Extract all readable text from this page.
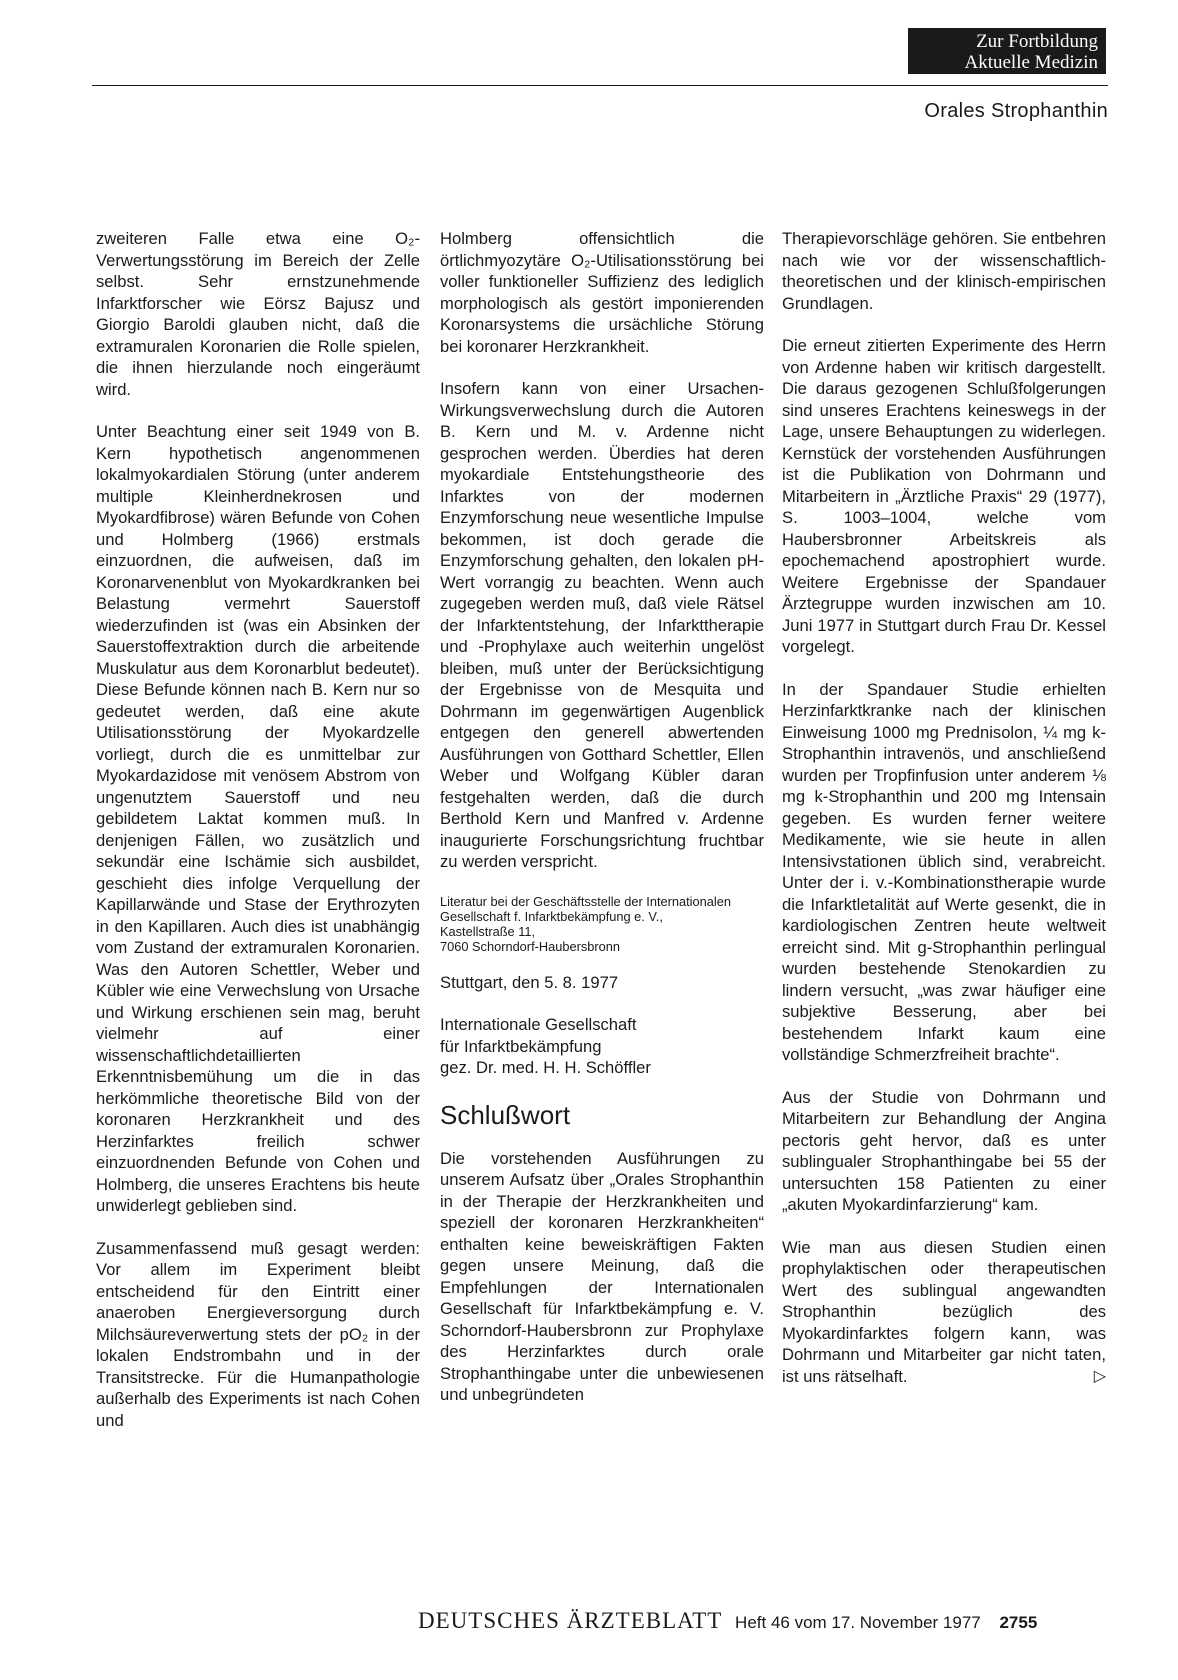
Zur Fortbildung
Aktuelle Medizin
Orales Strophanthin

zweiteren Falle etwa eine O₂-Verwertungsstörung im Bereich der Zelle selbst. Sehr ernstzunehmende Infarktforscher wie Eörsz Bajusz und Giorgio Baroldi glauben nicht, daß die extramuralen Koronarien die Rolle spielen, die ihnen hierzulande noch eingeräumt wird.

Unter Beachtung einer seit 1949 von B. Kern hypothetisch angenommenen lokalmyokardialen Störung (unter anderem multiple Kleinherdnekrosen und Myokardfibrose) wären Befunde von Cohen und Holmberg (1966) erstmals einzuordnen, die aufweisen, daß im Koronarvenenblut von Myokardkranken bei Belastung vermehrt Sauerstoff wiederzufinden ist (was ein Absinken der Sauerstoffextraktion durch die arbeitende Muskulatur aus dem Koronarblut bedeutet). Diese Befunde können nach B. Kern nur so gedeutet werden, daß eine akute Utilisationsstörung der Myokardzelle vorliegt, durch die es unmittelbar zur Myokardazidose mit venösem Abstrom von ungenutztem Sauerstoff und neu gebildetem Laktat kommen muß. In denjenigen Fällen, wo zusätzlich und sekundär eine Ischämie sich ausbildet, geschieht dies infolge Verquellung der Kapillarwände und Stase der Erythrozyten in den Kapillaren. Auch dies ist unabhängig vom Zustand der extramuralen Koronarien. Was den Autoren Schettler, Weber und Kübler wie eine Verwechslung von Ursache und Wirkung erschienen sein mag, beruht vielmehr auf einer wissenschaftlichdetaillierten Erkenntnisbemühung um die in das herkömmliche theoretische Bild von der koronaren Herzkrankheit und des Herzinfarktes freilich schwer einzuordnenden Befunde von Cohen und Holmberg, die unseres Erachtens bis heute unwiderlegt geblieben sind.

Zusammenfassend muß gesagt werden: Vor allem im Experiment bleibt entscheidend für den Eintritt einer anaeroben Energieversorgung durch Milchsäureverwertung stets der pO₂ in der lokalen Endstrombahn und in der Transitstrecke. Für die Humanpathologie außerhalb des Experiments ist nach Cohen und

Holmberg offensichtlich die örtlichmyozytäre O₂-Utilisationsstörung bei voller funktioneller Suffizienz des lediglich morphologisch als gestört imponierenden Koronarsystems die ursächliche Störung bei koronarer Herzkrankheit.

Insofern kann von einer Ursachen-Wirkungsverwechslung durch die Autoren B. Kern und M. v. Ardenne nicht gesprochen werden. Überdies hat deren myokardiale Entstehungstheorie des Infarktes von der modernen Enzymforschung neue wesentliche Impulse bekommen, ist doch gerade die Enzymforschung gehalten, den lokalen pH-Wert vorrangig zu beachten. Wenn auch zugegeben werden muß, daß viele Rätsel der Infarktentstehung, der Infarkttherapie und -Prophylaxe auch weiterhin ungelöst bleiben, muß unter der Berücksichtigung der Ergebnisse von de Mesquita und Dohrmann im gegenwärtigen Augenblick entgegen den generell abwertenden Ausführungen von Gotthard Schettler, Ellen Weber und Wolfgang Kübler daran festgehalten werden, daß die durch Berthold Kern und Manfred v. Ardenne inaugurierte Forschungsrichtung fruchtbar zu werden verspricht.

Literatur bei der Geschäftsstelle der Internationalen Gesellschaft f. Infarktbekämpfung e. V.,
Kastellstraße 11,
7060 Schorndorf-Haubersbronn

Stuttgart, den 5. 8. 1977

Internationale Gesellschaft
für Infarktbekämpfung
gez. Dr. med. H. H. Schöffler

Schlußwort

Die vorstehenden Ausführungen zu unserem Aufsatz über „Orales Strophanthin in der Therapie der Herzkrankheiten und speziell der koronaren Herzkrankheiten“ enthalten keine beweiskräftigen Fakten gegen unsere Meinung, daß die Empfehlungen der Internationalen Gesellschaft für Infarktbekämpfung e. V. Schorndorf-Haubersbronn zur Prophylaxe des Herzinfarktes durch orale Strophanthingabe unter die unbewiesenen und unbegründeten

Therapievorschläge gehören. Sie entbehren nach wie vor der wissenschaftlich-theoretischen und der klinisch-empirischen Grundlagen.

Die erneut zitierten Experimente des Herrn von Ardenne haben wir kritisch dargestellt. Die daraus gezogenen Schlußfolgerungen sind unseres Erachtens keineswegs in der Lage, unsere Behauptungen zu widerlegen. Kernstück der vorstehenden Ausführungen ist die Publikation von Dohrmann und Mitarbeitern in „Ärztliche Praxis“ 29 (1977), S. 1003–1004, welche vom Haubersbronner Arbeitskreis als epochemachend apostrophiert wurde. Weitere Ergebnisse der Spandauer Ärztegruppe wurden inzwischen am 10. Juni 1977 in Stuttgart durch Frau Dr. Kessel vorgelegt.

In der Spandauer Studie erhielten Herzinfarktkranke nach der klinischen Einweisung 1000 mg Prednisolon, ¼ mg k-Strophanthin intravenös, und anschließend wurden per Tropfinfusion unter anderem ⅛ mg k-Strophanthin und 200 mg Intensain gegeben. Es wurden ferner weitere Medikamente, wie sie heute in allen Intensivstationen üblich sind, verabreicht. Unter der i. v.-Kombinationstherapie wurde die Infarktletalität auf Werte gesenkt, die in kardiologischen Zentren heute weltweit erreicht sind. Mit g-Strophanthin perlingual wurden bestehende Stenokardien zu lindern versucht, „was zwar häufiger eine subjektive Besserung, aber bei bestehendem Infarkt kaum eine vollständige Schmerzfreiheit brachte“.

Aus der Studie von Dohrmann und Mitarbeitern zur Behandlung der Angina pectoris geht hervor, daß es unter sublingualer Strophanthingabe bei 55 der untersuchten 158 Patienten zu einer „akuten Myokardinfarzierung“ kam.

Wie man aus diesen Studien einen prophylaktischen oder therapeutischen Wert des sublingual angewandten Strophanthin bezüglich des Myokardinfarktes folgern kann, was Dohrmann und Mitarbeiter gar nicht taten, ist uns rätselhaft.	▷

DEUTSCHES ÄRZTEBLATT Heft 46 vom 17. November 1977 2755
